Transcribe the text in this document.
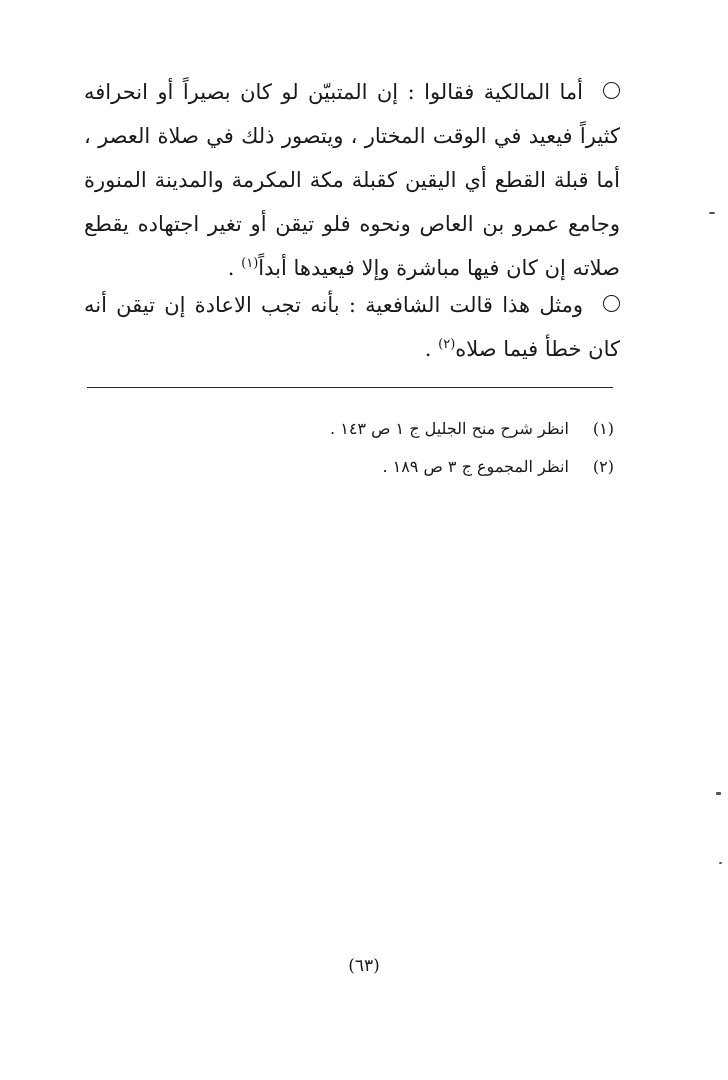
أما المالكية فقالوا : إن المتبيّن لو كان بصيراً أو انحرافه كثيراً فيعيد في الوقت المختار ، ويتصور ذلك في صلاة العصر ، أما قبلة القطع أي اليقين كقبلة مكة المكرمة والمدينة المنورة وجامع عمرو بن العاص ونحوه فلو تيقن أو تغير اجتهاده يقطع صلاته إن كان فيها مباشرة وإلا فيعيدها أبداً$^{(١)}$ .
ومثل هذا قالت الشافعية : بأنه تجب الاعادة إن تيقن أنه كان خطأ فيما صلاه$^{(٢)}$ .
(١)انظر شرح منح الجليل ج ١ ص ١٤٣ .
(٢)انظر المجموع ج ٣ ص ١٨٩ .
(٦٣)
